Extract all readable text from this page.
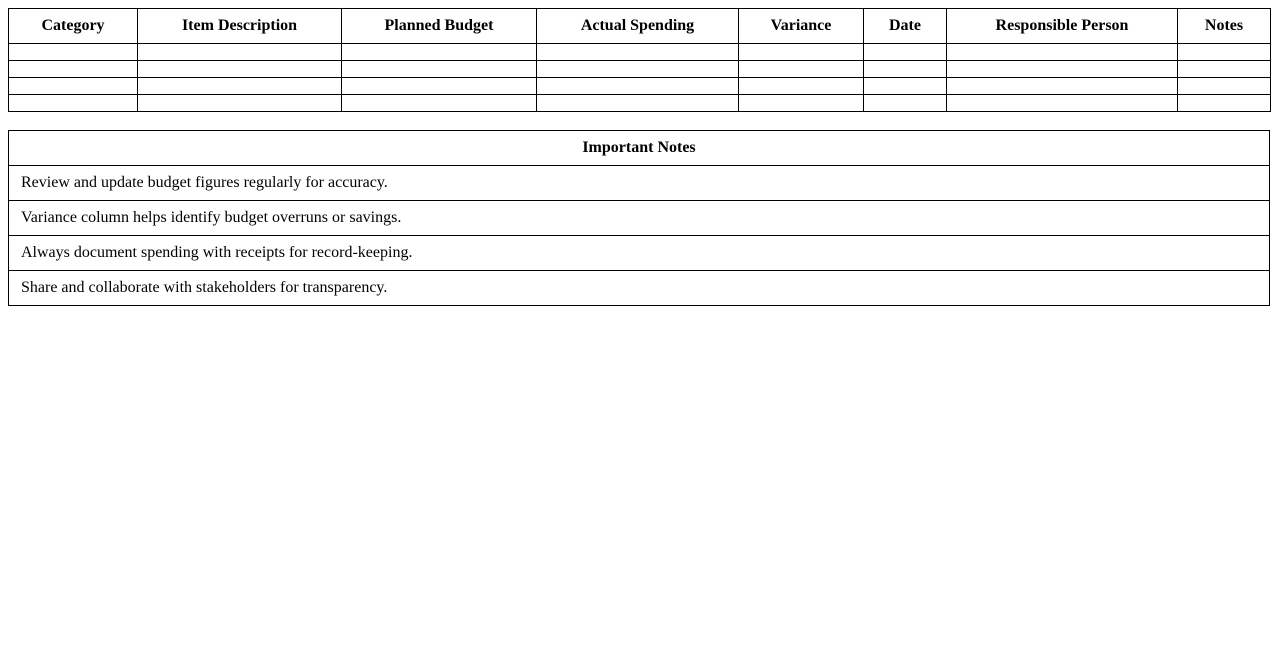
Category	Item Description	Planned Budget	Actual Spending	Variance	Date	Responsible Person	Notes

Important Notes
Review and update budget figures regularly for accuracy.
Variance column helps identify budget overruns or savings.
Always document spending with receipts for record-keeping.
Share and collaborate with stakeholders for transparency.
